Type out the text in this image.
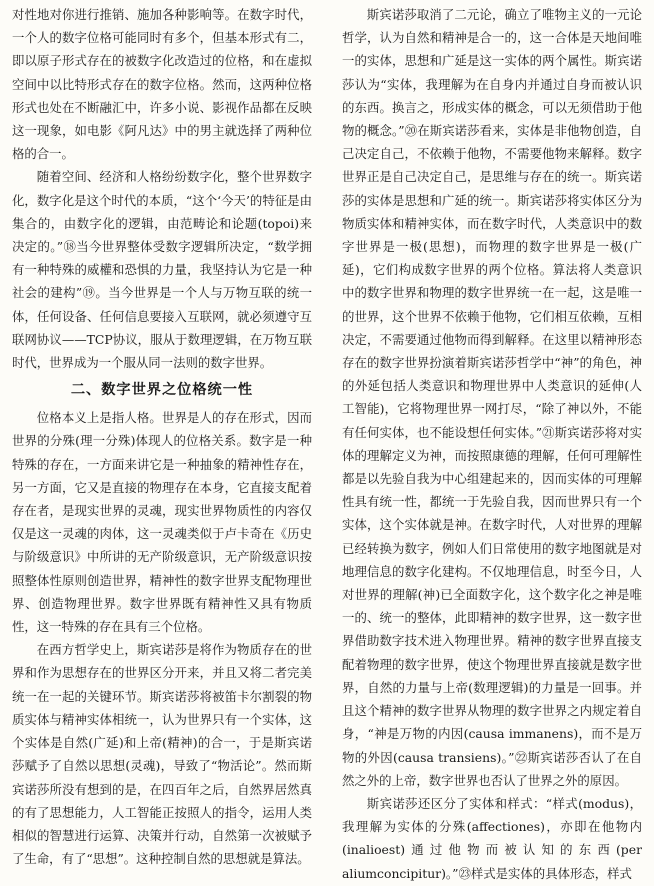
对性地对你进行推销、施加各种影响等。在数字时代，一个人的数字位格可能同时有多个，但基本形式有二，即以原子形式存在的被数字化改造过的位格，和在虚拟空间中以比特形式存在的数字位格。然而，这两种位格形式也处在不断融汇中，许多小说、影视作品都在反映这一现象，如电影《阿凡达》中的男主就选择了两种位格的合一。

随着空间、经济和人格纷纷数字化，整个世界数字化，数字化是这个时代的本质，“这个‘今天’的特征是由集合的，由数字化的逻辑，由范畴论和论题(topoi)来决定的。”⑱当今世界整体受数字逻辑所决定，“数学拥有一种特殊的威權和恐惧的力量，我坚持认为它是一种社会的建构”⑲。当今世界是一个人与万物互联的统一体，任何设备、任何信息要接入互联网，就必须遵守互联网协议——TCP协议，服从于数理逻辑，在万物互联时代，世界成为一个服从同一法则的数字世界。

二、数字世界之位格统一性

位格本义上是指人格。世界是人的存在形式，因而世界的分殊(理一分殊)体现人的位格关系。数字是一种特殊的存在，一方面来讲它是一种抽象的精神性存在，另一方面，它又是直接的物理存在本身，它直接支配着存在者，是现实世界的灵魂，现实世界物质性的内容仅仅是这一灵魂的肉体，这一灵魂类似于卢卡奇在《历史与阶级意识》中所讲的无产阶级意识，无产阶级意识按照整体性原则创造世界，精神性的数字世界支配物理世界、创造物理世界。数字世界既有精神性又具有物质性，这一特殊的存在具有三个位格。

在西方哲学史上，斯宾诺莎是将作为物质存在的世界和作为思想存在的世界区分开来，并且又将二者完美统一在一起的关键环节。斯宾诺莎将被笛卡尔割裂的物质实体与精神实体相统一，认为世界只有一个实体，这个实体是自然(广延)和上帝(精神)的合一，于是斯宾诺莎赋予了自然以思想(灵魂)，导致了“物活论”。然而斯宾诺莎所没有想到的是，在四百年之后，自然界居然真的有了思想能力，人工智能正按照人的指令，运用人类相似的智慧进行运算、决策并行动，自然第一次被赋予了生命，有了“思想”。这种控制自然的思想就是算法。

斯宾诺莎取消了二元论，确立了唯物主义的一元论哲学，认为自然和精神是合一的，这一合体是天地间唯一的实体，思想和广延是这一实体的两个属性。斯宾诺莎认为“实体，我理解为在自身内并通过自身而被认识的东西。换言之，形成实体的概念，可以无须借助于他物的概念。”⑳在斯宾诺莎看来，实体是非他物创造，自己决定自己，不依赖于他物，不需要他物来解释。数字世界正是自己决定自己，是思维与存在的统一。斯宾诺莎的实体是思想和广延的统一。斯宾诺莎将实体区分为物质实体和精神实体，而在数字时代，人类意识中的数字世界是一极(思想)，而物理的数字世界是一极(广延)，它们构成数字世界的两个位格。算法将人类意识中的数字世界和物理的数字世界统一在一起，这是唯一的世界，这个世界不依赖于他物，它们相互依赖，互相决定，不需要通过他物而得到解释。在这里以精神形态存在的数字世界扮演着斯宾诺莎哲学中“神”的角色，神的外延包括人类意识和物理世界中人类意识的延伸(人工智能)，它将物理世界一网打尽，“除了神以外，不能有任何实体，也不能设想任何实体。”㉑斯宾诺莎将对实体的理解定义为神，而按照康德的理解，任何可理解性都是以先验自我为中心组建起来的，因而实体的可理解性具有统一性，都统一于先验自我，因而世界只有一个实体，这个实体就是神。在数字时代，人对世界的理解已经转换为数字，例如人们日常使用的数字地图就是对地理信息的数字化建构。不仅地理信息，时至今日，人对世界的理解(神)已全面数字化，这个数字化之神是唯一的、统一的整体，此即精神的数字世界，这一数字世界借助数字技术进入物理世界。精神的数字世界直接支配着物理的数字世界，使这个物理世界直接就是数字世界，自然的力量与上帝(数理逻辑)的力量是一回事。并且这个精神的数字世界从物理的数字世界之内规定着自身，“神是万物的内因(causa immanens)，而不是万物的外因(causa transiens)。”㉒斯宾诺莎否认了在自然之外的上帝，数字世界也否认了世界之外的原因。

斯宾诺莎还区分了实体和样式：“样式(modus)，我理解为实体的分殊(affectiones)，亦即在他物内(inalioest)通过他物而被认知的东西(per aliumconcipitur)。”㉓样式是实体的具体形态，样式
